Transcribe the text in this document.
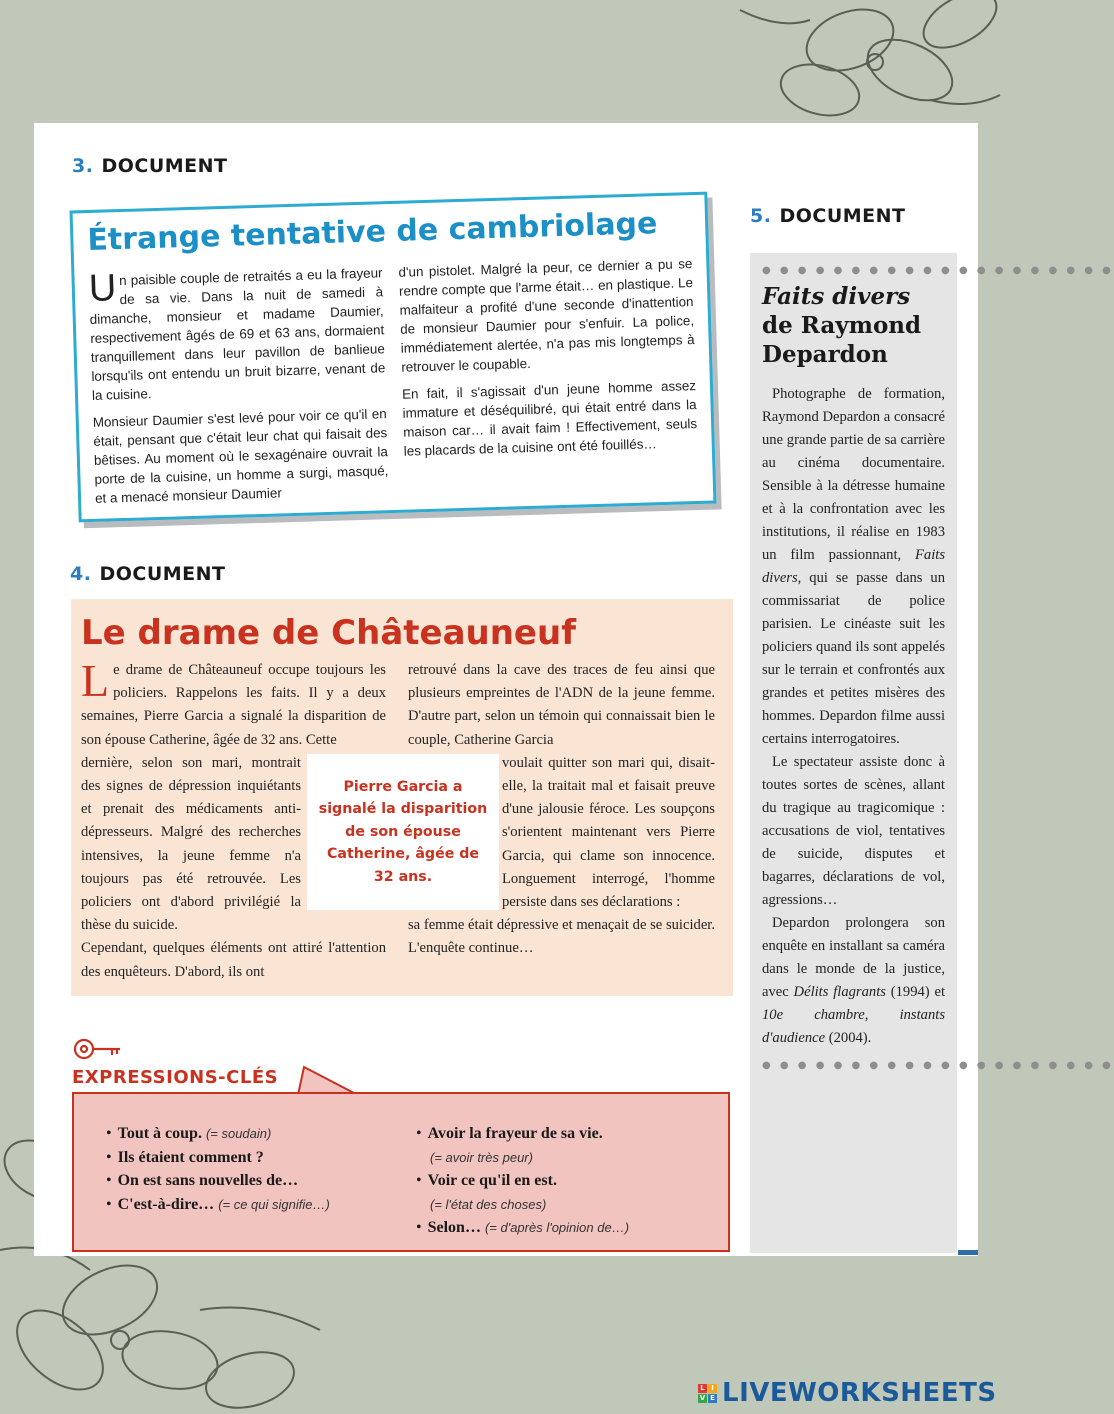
3. DOCUMENT
Étrange tentative de cambriolage

Un paisible couple de retraités a eu la frayeur de sa vie. Dans la nuit de samedi à dimanche, monsieur et madame Daumier, respectivement âgés de 69 et 63 ans, dormaient tranquillement dans leur pavillon de banlieue lorsqu'ils ont entendu un bruit bizarre, venant de la cuisine.

Monsieur Daumier s'est levé pour voir ce qu'il en était, pensant que c'était leur chat qui faisait des bêtises. Au moment où le sexagénaire ouvrait la porte de la cuisine, un homme a surgi, masqué, et a menacé monsieur Daumier

d'un pistolet. Malgré la peur, ce dernier a pu se rendre compte que l'arme était… en plastique. Le malfaiteur a profité d'une seconde d'inattention de monsieur Daumier pour s'enfuir. La police, immédiatement alertée, n'a pas mis longtemps à retrouver le coupable.

En fait, il s'agissait d'un jeune homme assez immature et déséquilibré, qui était entré dans la maison car… il avait faim ! Effectivement, seuls les placards de la cuisine ont été fouillés…

4. DOCUMENT
Le drame de Châteauneuf

Le drame de Châteauneuf occupe toujours les policiers. Rappelons les faits. Il y a deux semaines, Pierre Garcia a signalé la disparition de son épouse Catherine, âgée de 32 ans. Cette

dernière, selon son mari, montrait des signes de dépression inquiétants et prenait des médicaments anti-dépresseurs. Malgré des recherches intensives, la jeune femme n'a toujours pas été retrouvée. Les policiers ont d'abord privilégié la thèse du suicide.

Cependant, quelques éléments ont attiré l'attention des enquêteurs. D'abord, ils ont

retrouvé dans la cave des traces de feu ainsi que plusieurs empreintes de l'ADN de la jeune femme. D'autre part, selon un témoin qui connaissait bien le couple, Catherine Garcia

voulait quitter son mari qui, disait-elle, la traitait mal et faisait preuve d'une jalousie féroce. Les soupçons s'orientent maintenant vers Pierre Garcia, qui clame son innocence. Longuement interrogé, l'homme persiste dans ses déclarations :

sa femme était dépressive et menaçait de se suicider. L'enquête continue…

Pierre Garcia a signalé la disparition de son épouse Catherine, âgée de 32 ans.
EXPRESSIONS-CLÉS
• Tout à coup. (= soudain)
• Ils étaient comment ?
• On est sans nouvelles de…
• C'est-à-dire… (= ce qui signifie…)
• Avoir la frayeur de sa vie.
(= avoir très peur)
• Voir ce qu'il en est.
(= l'état des choses)
• Selon… (= d'après l'opinion de…)
5. DOCUMENT
● ● ● ● ● ● ● ● ● ● ● ● ● ● ● ● ● ● ● ●
Faits divers
de Raymond Depardon

Photographe de formation, Raymond Depardon a consacré une grande partie de sa carrière au cinéma documentaire. Sensible à la détresse humaine et à la confrontation avec les institutions, il réalise en 1983 un film passionnant, Faits divers, qui se passe dans un commissariat de police parisien. Le cinéaste suit les policiers quand ils sont appelés sur le terrain et confrontés aux grandes et petites misères des hommes. Depardon filme aussi certains interrogatoires.

Le spectateur assiste donc à toutes sortes de scènes, allant du tragique au tragicomique : accusations de viol, tentatives de suicide, disputes et bagarres, déclarations de vol, agressions…

Depardon prolongera son enquête en installant sa caméra dans le monde de la justice, avec Délits flagrants (1994) et 10e chambre, instants d'audience (2004).

● ● ● ● ● ● ● ● ● ● ● ● ● ● ● ● ● ● ● ●
L I
V E LIVEWORKSHEETS
